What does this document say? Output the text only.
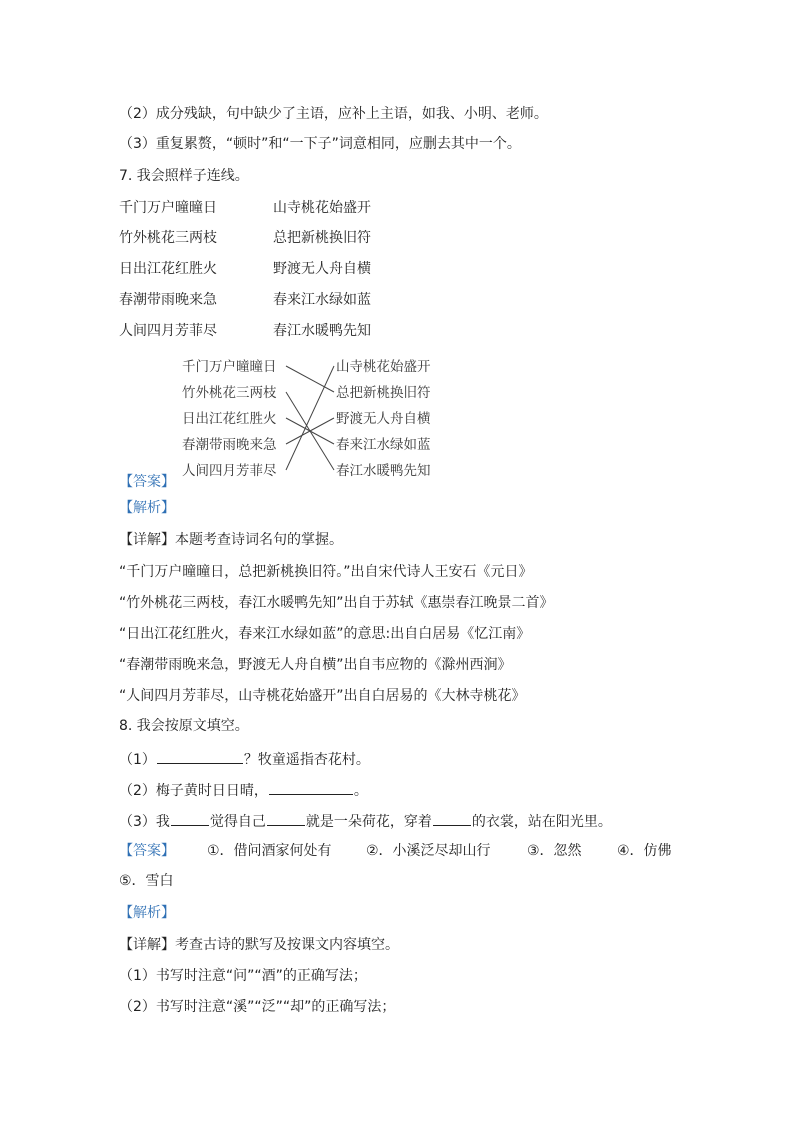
（2）成分残缺，句中缺少了主语，应补上主语，如我、小明、老师。
（3）重复累赘，“顿时”和“一下子”词意相同，应删去其中一个。
7. 我会照样子连线。
千门万户曈曈日	山寺桃花始盛开
竹外桃花三两枝	总把新桃换旧符
日出江花红胜火	野渡无人舟自横
春潮带雨晚来急	春来江水绿如蓝
人间四月芳菲尽	春江水暖鸭先知
千门万户曈曈日
竹外桃花三两枝
日出江花红胜火
春潮带雨晚来急
人间四月芳菲尽
山寺桃花始盛开
总把新桃换旧符
野渡无人舟自横
春来江水绿如蓝
春江水暖鸭先知
【答案】
【解析】
【详解】本题考查诗词名句的掌握。
“千门万户曈曈日，总把新桃换旧符。”出自宋代诗人王安石《元日》
“竹外桃花三两枝，春江水暖鸭先知”出自于苏轼《惠崇春江晚景二首》
“日出江花红胜火，春来江水绿如蓝”的意思:出自白居易《忆江南》
“春潮带雨晚来急，野渡无人舟自横”出自韦应物的《滁州西涧》
“人间四月芳菲尽，山寺桃花始盛开”出自白居易的《大林寺桃花》
8. 我会按原文填空。
（1）	？牧童遥指杏花村。
（2）梅子黄时日日晴，	。
（3）我	觉得自己	就是一朵荷花，穿着	的衣裳，站在阳光里。
【答案】 ①．借问酒家何处有 ②．小溪泛尽却山行	③．忽然	④．仿佛
⑤．雪白
【解析】
【详解】考查古诗的默写及按课文内容填空。
（1）书写时注意“问”“酒”的正确写法；
（2）书写时注意“溪”“泛”“却”的正确写法；
